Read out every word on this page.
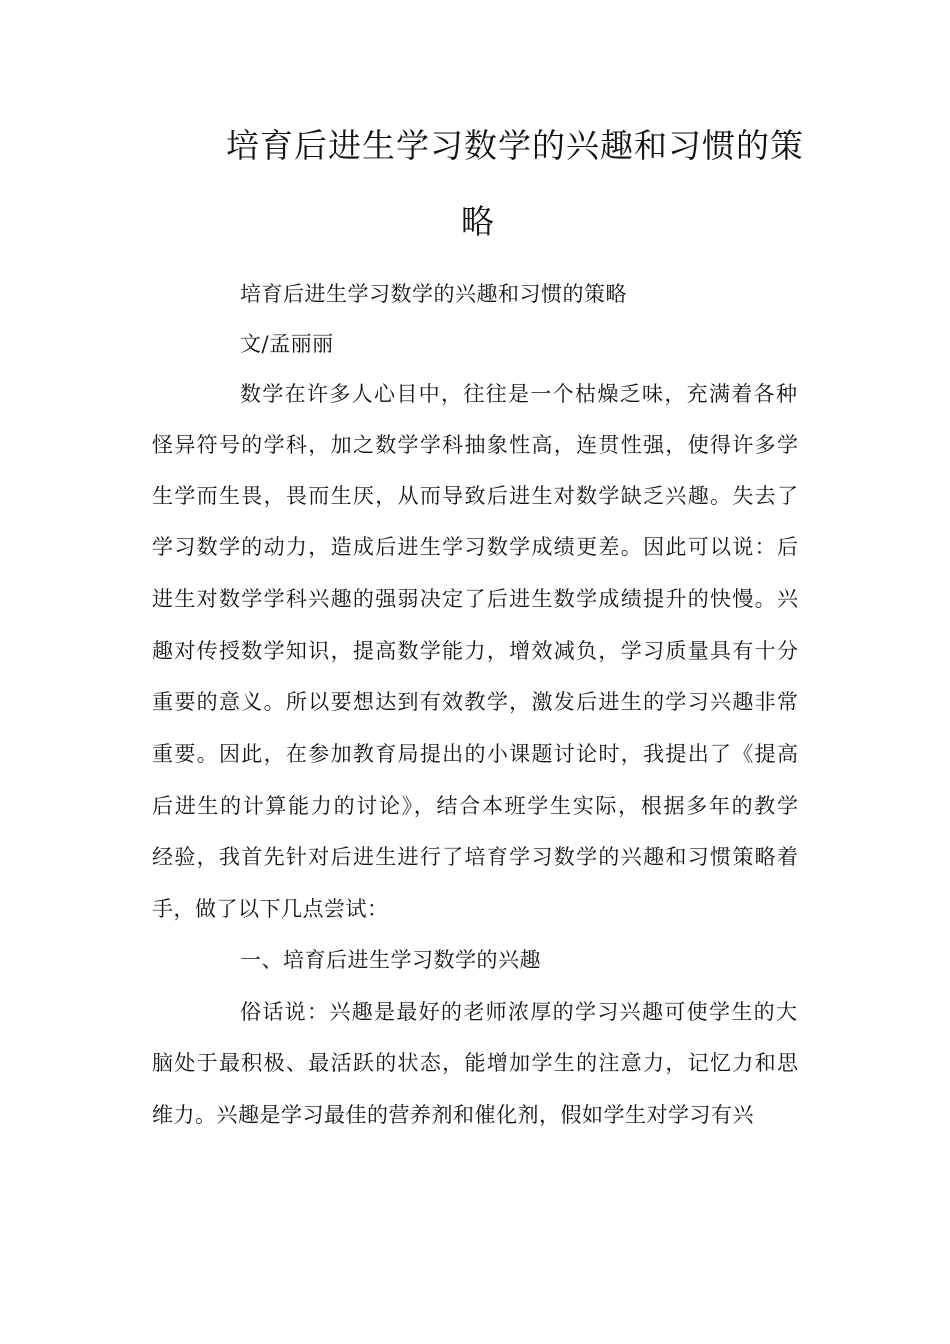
培育后进生学习数学的兴趣和习惯的策
略
培育后进生学习数学的兴趣和习惯的策略
文/孟丽丽
数学在许多人心目中，往往是一个枯燥乏味，充满着各种
怪异符号的学科，加之数学学科抽象性高，连贯性强，使得许多学
生学而生畏，畏而生厌，从而导致后进生对数学缺乏兴趣。失去了
学习数学的动力，造成后进生学习数学成绩更差。因此可以说：后
进生对数学学科兴趣的强弱决定了后进生数学成绩提升的快慢。兴
趣对传授数学知识，提高数学能力，增效减负，学习质量具有十分
重要的意义。所以要想达到有效教学，激发后进生的学习兴趣非常
重要。因此，在参加教育局提出的小课题讨论时，我提出了《提高
后进生的计算能力的讨论》，结合本班学生实际，根据多年的教学
经验，我首先针对后进生进行了培育学习数学的兴趣和习惯策略着
手，做了以下几点尝试：
一、培育后进生学习数学的兴趣
俗话说：兴趣是最好的老师浓厚的学习兴趣可使学生的大
脑处于最积极、最活跃的状态，能增加学生的注意力，记忆力和思
维力。兴趣是学习最佳的营养剂和催化剂，假如学生对学习有兴
